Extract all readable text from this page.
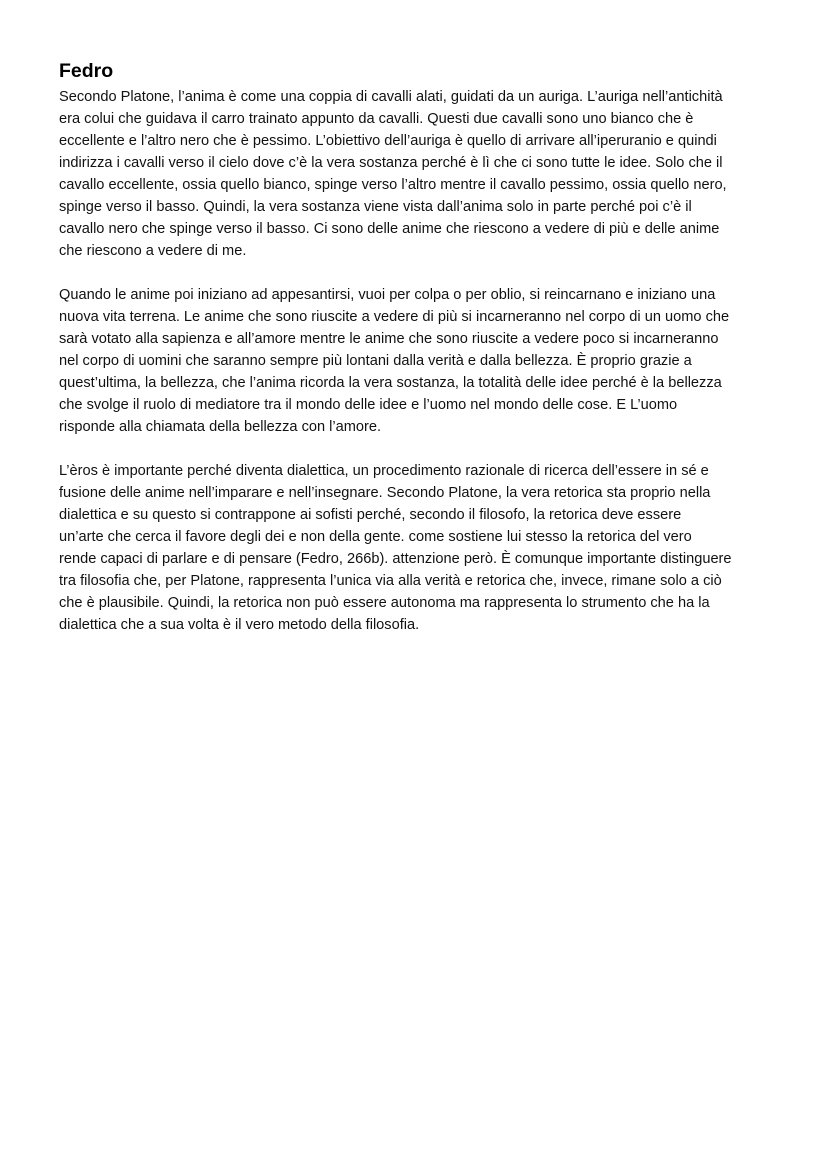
Fedro

Secondo Platone, l’anima è come una coppia di cavalli alati, guidati da un auriga. L’auriga nell’antichità
era colui che guidava il carro trainato appunto da cavalli. Questi due cavalli sono uno bianco che è
eccellente e l’altro nero che è pessimo. L’obiettivo dell’auriga è quello di arrivare all’iperuranio e quindi
indirizza i cavalli verso il cielo dove c’è la vera sostanza perché è lì che ci sono tutte le idee. Solo che il
cavallo eccellente, ossia quello bianco, spinge verso l’altro mentre il cavallo pessimo, ossia quello nero,
spinge verso il basso. Quindi, la vera sostanza viene vista dall’anima solo in parte perché poi c’è il
cavallo nero che spinge verso il basso. Ci sono delle anime che riescono a vedere di più e delle anime
che riescono a vedere di me.

Quando le anime poi iniziano ad appesantirsi, vuoi per colpa o per oblio, si reincarnano e iniziano una
nuova vita terrena. Le anime che sono riuscite a vedere di più si incarneranno nel corpo di un uomo che
sarà votato alla sapienza e all’amore mentre le anime che sono riuscite a vedere poco si incarneranno
nel corpo di uomini che saranno sempre più lontani dalla verità e dalla bellezza. È proprio grazie a
quest’ultima, la bellezza, che l’anima ricorda la vera sostanza, la totalità delle idee perché è la bellezza
che svolge il ruolo di mediatore tra il mondo delle idee e l’uomo nel mondo delle cose. E L’uomo
risponde alla chiamata della bellezza con l’amore.

L’èros è importante perché diventa dialettica, un procedimento razionale di ricerca dell’essere in sé e
fusione delle anime nell’imparare e nell’insegnare. Secondo Platone, la vera retorica sta proprio nella
dialettica e su questo si contrappone ai sofisti perché, secondo il filosofo, la retorica deve essere
un’arte che cerca il favore degli dei e non della gente. come sostiene lui stesso la retorica del vero
rende capaci di parlare e di pensare (Fedro, 266b). attenzione però. È comunque importante distinguere
tra filosofia che, per Platone, rappresenta l’unica via alla verità e retorica che, invece, rimane solo a ciò
che è plausibile. Quindi, la retorica non può essere autonoma ma rappresenta lo strumento che ha la
dialettica che a sua volta è il vero metodo della filosofia.
